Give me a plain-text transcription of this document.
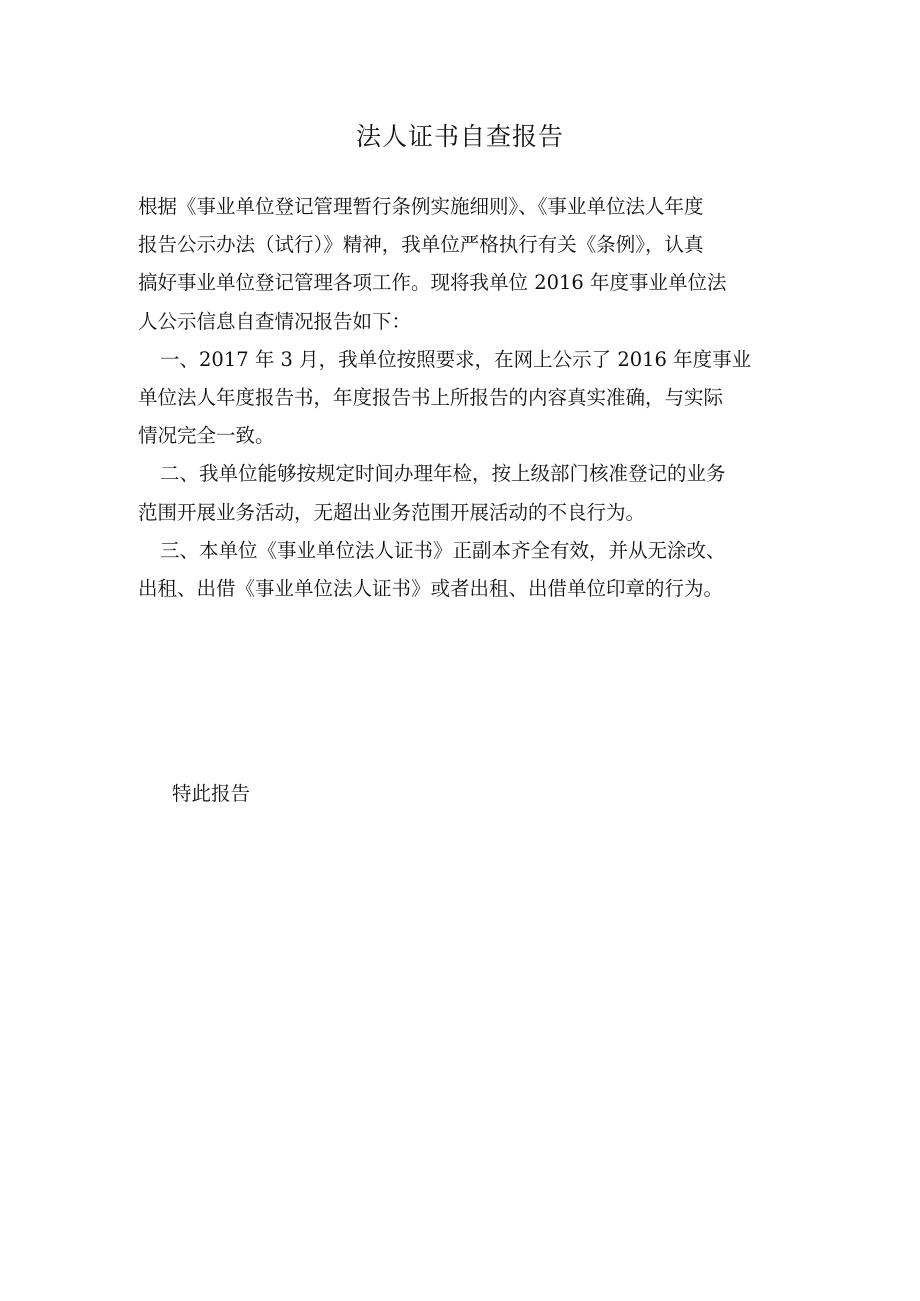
法人证书自查报告

根据《事业单位登记管理暂行条例实施细则》、《事业单位法人年度
报告公示办法（试行）》精神，我单位严格执行有关《条例》，认真
搞好事业单位登记管理各项工作。现将我单位 2016 年度事业单位法
人公示信息自查情况报告如下：

一、2017 年 3 月，我单位按照要求，在网上公示了 2016 年度事业
单位法人年度报告书，年度报告书上所报告的内容真实准确，与实际
情况完全一致。

二、我单位能够按规定时间办理年检，按上级部门核准登记的业务
范围开展业务活动，无超出业务范围开展活动的不良行为。

三、本单位《事业单位法人证书》正副本齐全有效，并从无涂改、
出租、出借《事业单位法人证书》或者出租、出借单位印章的行为。

特此报告
